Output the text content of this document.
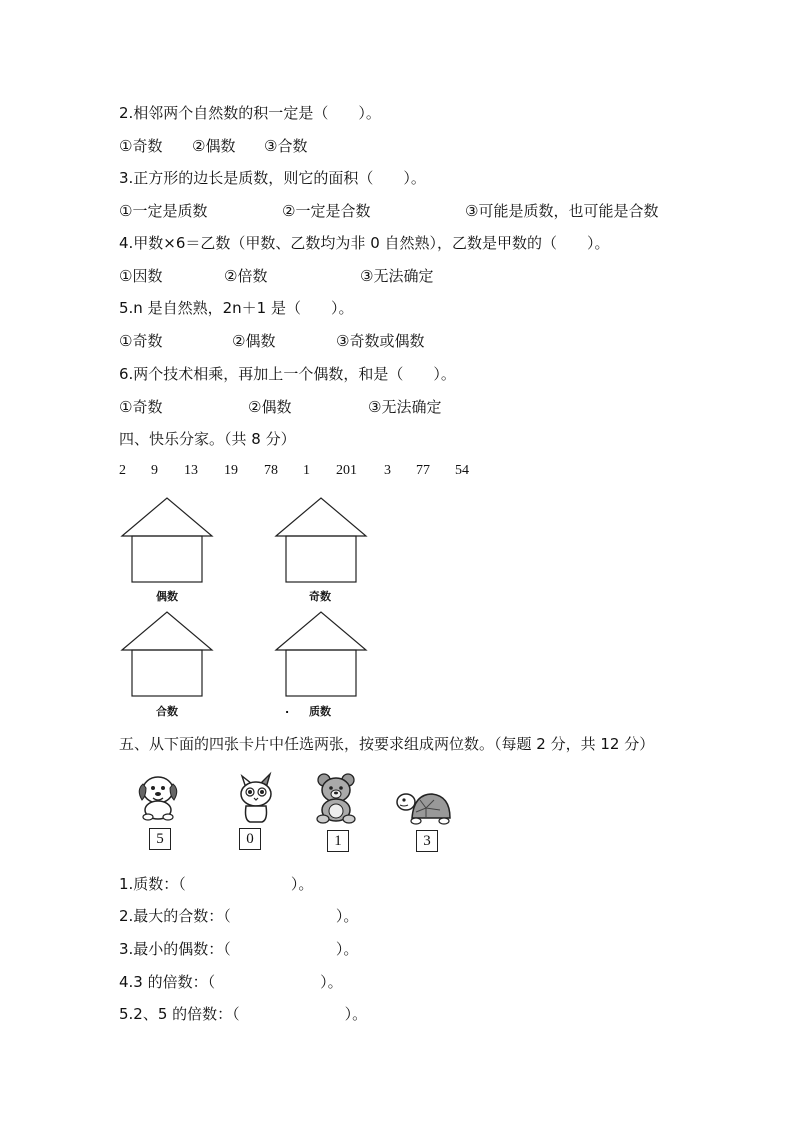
2.相邻两个自然数的积一定是（　　）。
①奇数 ②偶数 ③合数
3.正方形的边长是质数，则它的面积（　　）。
①一定是质数	②一定是合数	③可能是质数，也可能是合数
4.甲数×6＝乙数（甲数、乙数均为非 0 自然熟），乙数是甲数的（　　）。
①因数	②倍数	③无法确定
5.n 是自然熟，2n＋1 是（　　）。
①奇数	②偶数	③奇数或偶数
6.两个技术相乘，再加上一个偶数，和是（　　）。
①奇数	②偶数	③无法确定
四、快乐分家。（共 8 分）
2 9 13 19 78 1 201 3 77 54
偶数	奇数
合数	. 质数
五、从下面的四张卡片中任选两张，按要求组成两位数。（每题 2 分，共 12 分）
5	0	1	3
1.质数：（　　　　　　　）。
2.最大的合数：（　　　　　　　）。
3.最小的偶数：（　　　　　　　）。
4.3 的倍数：（　　　　　　　）。
5.2、5 的倍数：（　　　　　　　）。
